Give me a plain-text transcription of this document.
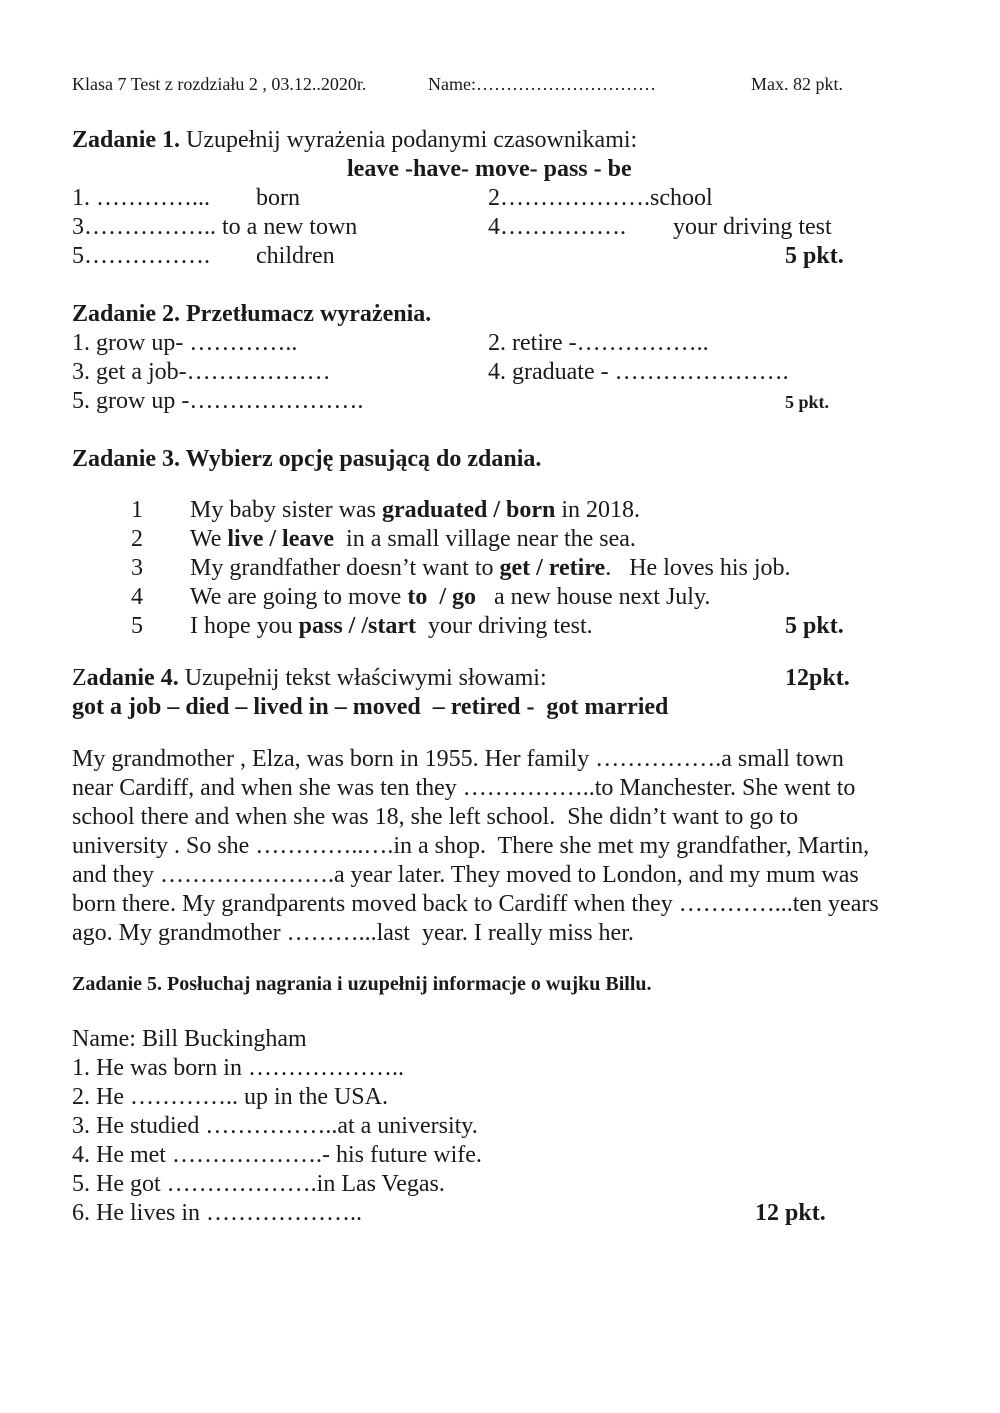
Klasa 7 Test z rozdziału 2 , 03.12..2020r.	Name:…………………………	Max. 82 pkt.
Zadanie 1. Uzupełnij wyrażenia podanymi czasownikami:
leave -have- move- pass - be
1. …………... born	2……………….school
3…………….. to a new town	4……………. your driving test
5……………. children	5 pkt.
Zadanie 2. Przetłumacz wyrażenia.
1. grow up- …………..	2. retire -……………..
3. get a job-………………	4. graduate - ………………….
5. grow up -………………….	5 pkt.
Zadanie 3. Wybierz opcję pasującą do zdania.
1 My baby sister was graduated / born in 2018.
2 We live / leave  in a small village near the sea.
3 My grandfather doesn’t want to get / retire.   He loves his job.
4 We are going to move to  / go   a new house next July.
5 I hope you pass / /start  your driving test.	5 pkt.
Zadanie 4. Uzupełnij tekst właściwymi słowami:	12pkt.
got a job – died – lived in – moved  – retired -  got married
My grandmother , Elza, was born in 1955. Her family …………….a small town
near Cardiff, and when she was ten they ……………..to Manchester. She went to
school there and when she was 18, she left school.  She didn’t want to go to
university . So she …………..….in a shop.  There she met my grandfather, Martin,
and they ………………….a year later. They moved to London, and my mum was
born there. My grandparents moved back to Cardiff when they …………...ten years
ago. My grandmother ………...last  year. I really miss her.
Zadanie 5. Posłuchaj nagrania i uzupełnij informacje o wujku Billu.
Name: Bill Buckingham
1. He was born in ………………..
2. He ………….. up in the USA.
3. He studied ……………..at a university.
4. He met ……………….- his future wife.
5. He got ……………….in Las Vegas.
6. He lives in ………………..	12 pkt.
